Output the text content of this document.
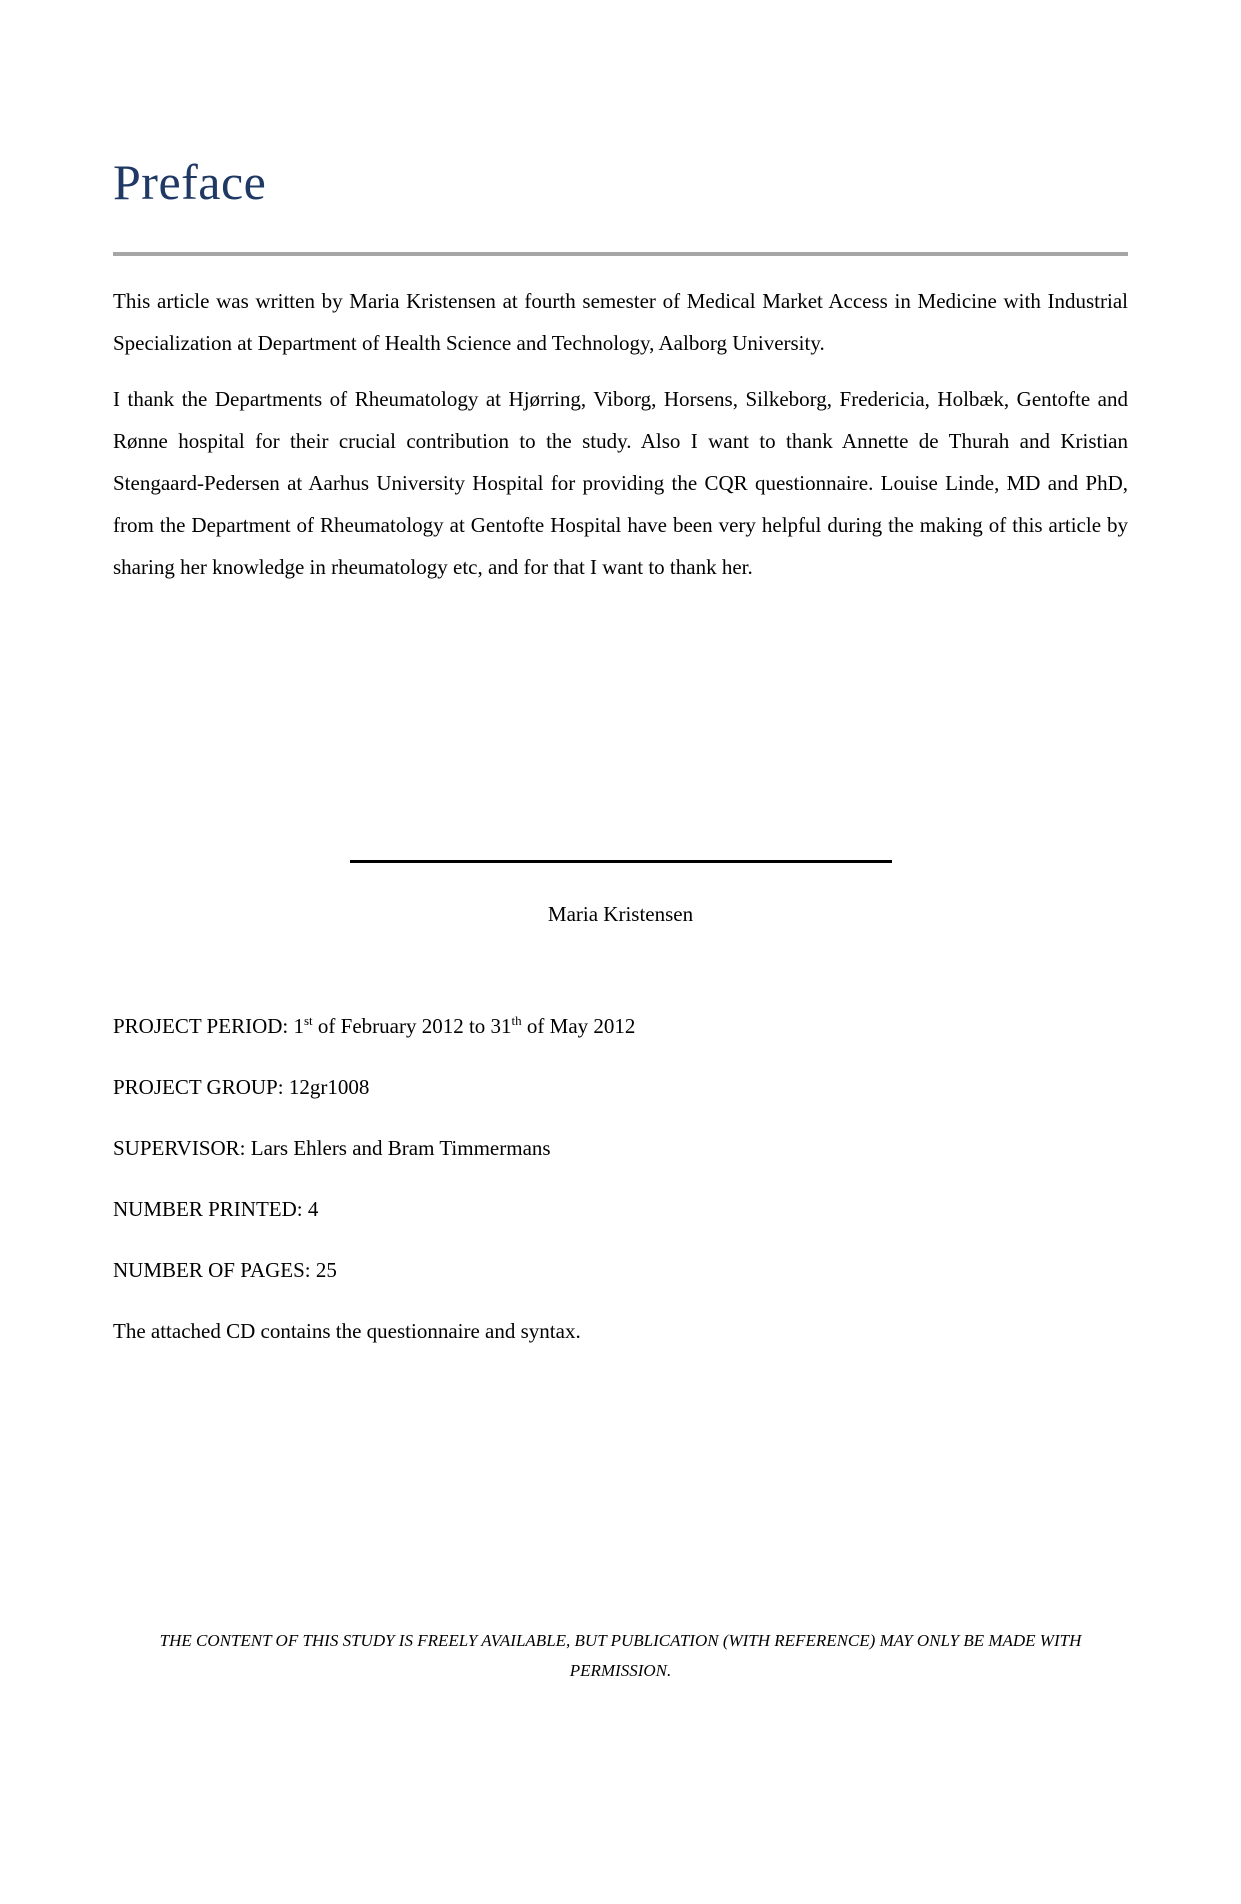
Preface

This article was written by Maria Kristensen at fourth semester of Medical Market Access in Medicine with Industrial Specialization at Department of Health Science and Technology, Aalborg University.

I thank the Departments of Rheumatology at Hjørring, Viborg, Horsens, Silkeborg, Fredericia, Holbæk, Gentofte and Rønne hospital for their crucial contribution to the study. Also I want to thank Annette de Thurah and Kristian Stengaard-Pedersen at Aarhus University Hospital for providing the CQR questionnaire. Louise Linde, MD and PhD, from the Department of Rheumatology at Gentofte Hospital have been very helpful during the making of this article by sharing her knowledge in rheumatology etc, and for that I want to thank her.

Maria Kristensen

PROJECT PERIOD: 1st of February 2012 to 31th of May 2012

PROJECT GROUP: 12gr1008

SUPERVISOR: Lars Ehlers and Bram Timmermans

NUMBER PRINTED: 4

NUMBER OF PAGES: 25

The attached CD contains the questionnaire and syntax.

THE CONTENT OF THIS STUDY IS FREELY AVAILABLE, BUT PUBLICATION (WITH REFERENCE) MAY ONLY BE MADE WITH PERMISSION.
